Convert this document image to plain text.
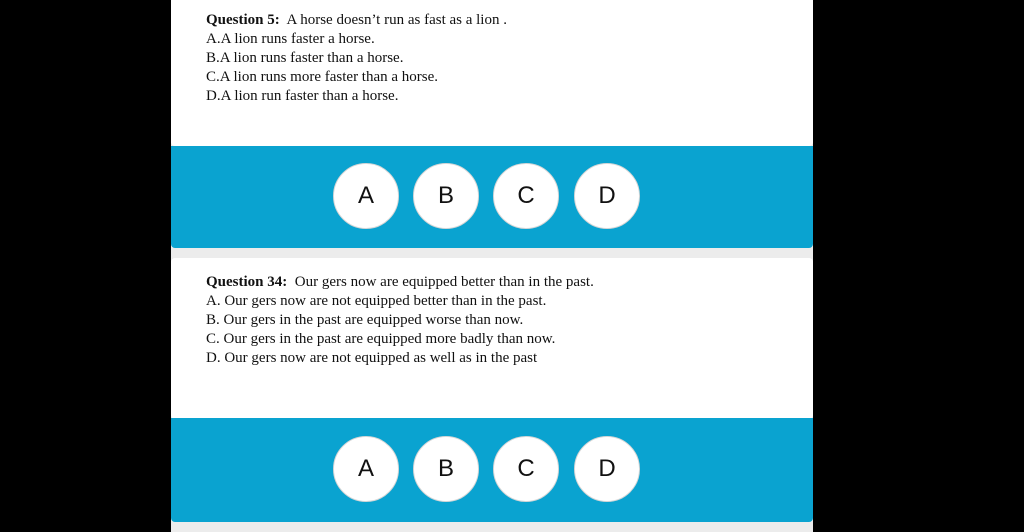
Question 5: A horse doesn’t run as fast as a lion .
A.A lion runs faster a horse.
B.A lion runs faster than a horse.
C.A lion runs more faster than a horse.
D.A lion run faster than a horse.
A	B	C	D
Question 34: Our gers now are equipped better than in the past.
A. Our gers now are not equipped better than in the past.
B. Our gers in the past are equipped worse than now.
C. Our gers in the past are equipped more badly than now.
D. Our gers now are not equipped as well as in the past
A	B	C	D
